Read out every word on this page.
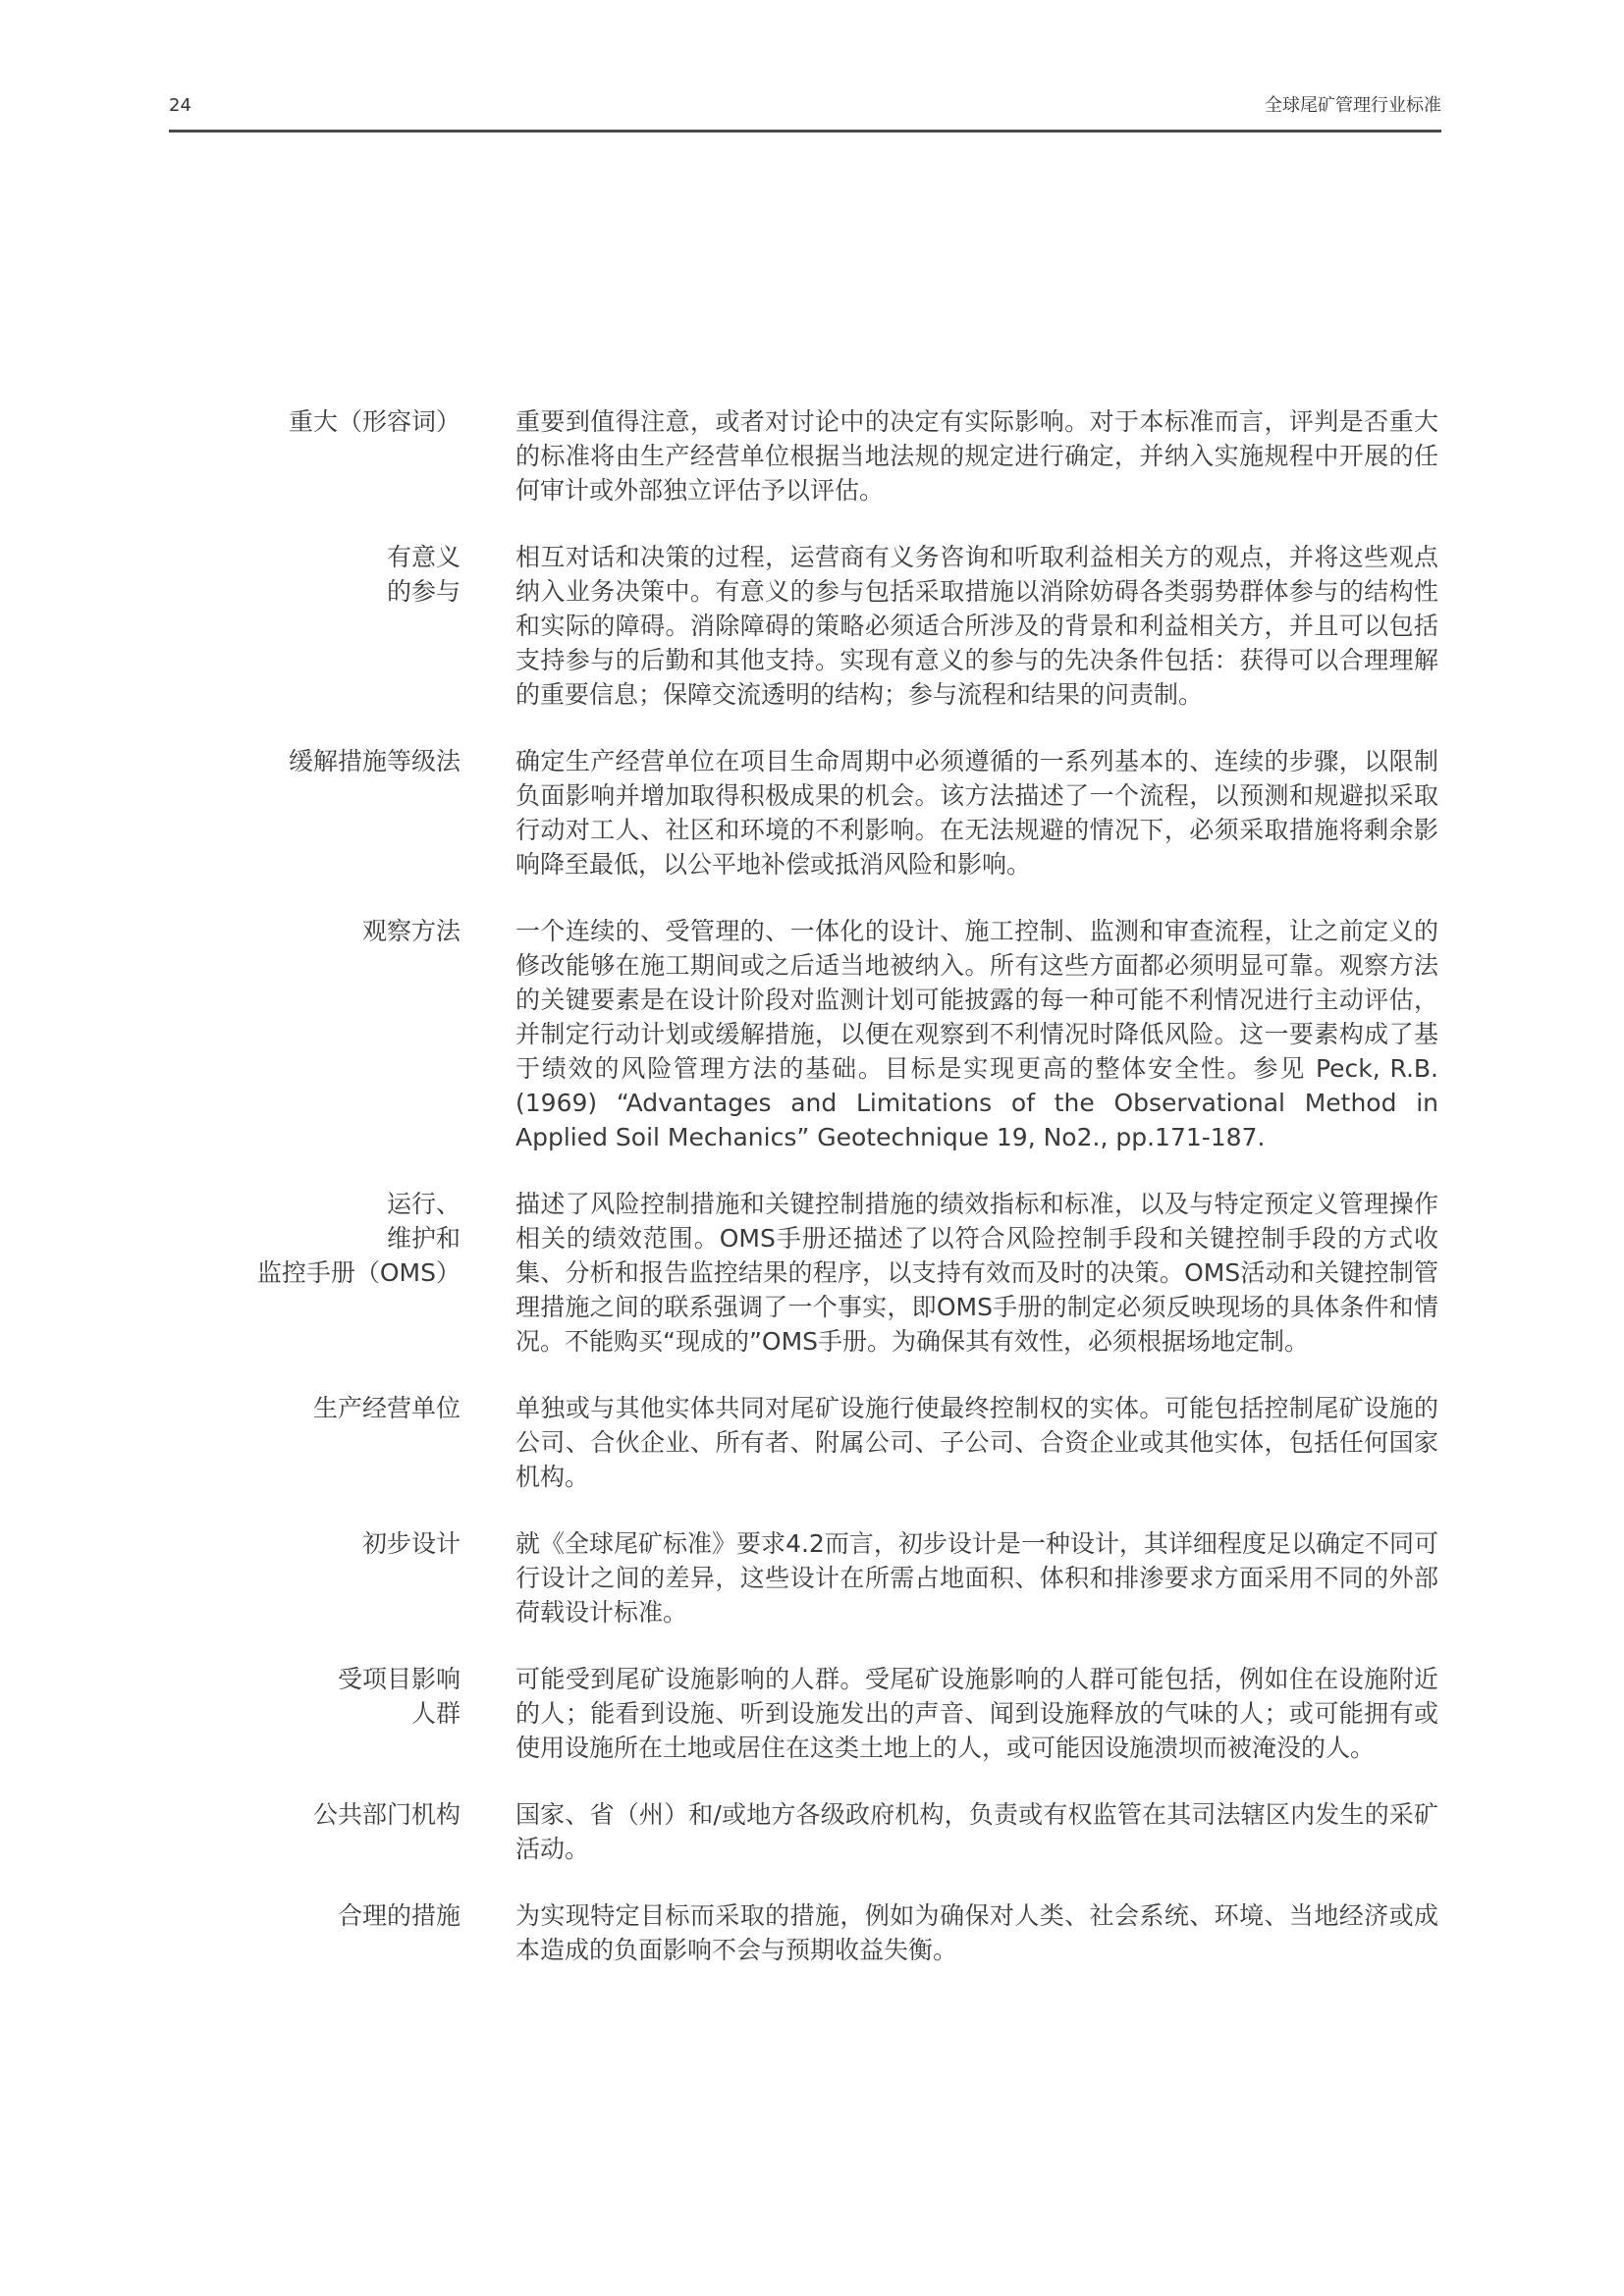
24	全球尾矿管理行业标准
重大（形容词） 重要到值得注意，或者对讨论中的决定有实际影响。对于本标准而言，评判是否重大的标准将由生产经营单位根据当地法规的规定进行确定，并纳入实施规程中开展的任何审计或外部独立评估予以评估。
有意义
的参与
相互对话和决策的过程，运营商有义务咨询和听取利益相关方的观点，并将这些观点纳入业务决策中。有意义的参与包括采取措施以消除妨碍各类弱势群体参与的结构性和实际的障碍。消除障碍的策略必须适合所涉及的背景和利益相关方，并且可以包括支持参与的后勤和其他支持。实现有意义的参与的先决条件包括：获得可以合理理解的重要信息；保障交流透明的结构；参与流程和结果的问责制。
缓解措施等级法 确定生产经营单位在项目生命周期中必须遵循的一系列基本的、连续的步骤，以限制负面影响并增加取得积极成果的机会。该方法描述了一个流程，以预测和规避拟采取行动对工人、社区和环境的不利影响。在无法规避的情况下，必须采取措施将剩余影响降至最低，以公平地补偿或抵消风险和影响。
观察方法 一个连续的、受管理的、一体化的设计、施工控制、监测和审查流程，让之前定义的修改能够在施工期间或之后适当地被纳入。所有这些方面都必须明显可靠。观察方法的关键要素是在设计阶段对监测计划可能披露的每一种可能不利情况进行主动评估，并制定行动计划或缓解措施，以便在观察到不利情况时降低风险。这一要素构成了基于绩效的风险管理方法的基础。目标是实现更高的整体安全性。参见 Peck, R.B. (1969) “Advantages and Limitations of the Observational Method in Applied Soil Mechanics” Geotechnique 19, No2., pp.171-187.
运行、
维护和
监控手册（OMS）
描述了风险控制措施和关键控制措施的绩效指标和标准，以及与特定预定义管理操作相关的绩效范围。OMS手册还描述了以符合风险控制手段和关键控制手段的方式收集、分析和报告监控结果的程序，以支持有效而及时的决策。OMS活动和关键控制管理措施之间的联系强调了一个事实，即OMS手册的制定必须反映现场的具体条件和情况。不能购买“现成的”OMS手册。为确保其有效性，必须根据场地定制。
生产经营单位 单独或与其他实体共同对尾矿设施行使最终控制权的实体。可能包括控制尾矿设施的公司、合伙企业、所有者、附属公司、子公司、合资企业或其他实体，包括任何国家机构。
初步设计 就《全球尾矿标准》要求4.2而言，初步设计是一种设计，其详细程度足以确定不同可行设计之间的差异，这些设计在所需占地面积、体积和排渗要求方面采用不同的外部荷载设计标准。
受项目影响
人群
可能受到尾矿设施影响的人群。受尾矿设施影响的人群可能包括，例如住在设施附近的人；能看到设施、听到设施发出的声音、闻到设施释放的气味的人；或可能拥有或使用设施所在土地或居住在这类土地上的人，或可能因设施溃坝而被淹没的人。
公共部门机构 国家、省（州）和/或地方各级政府机构，负责或有权监管在其司法辖区内发生的采矿活动。
合理的措施 为实现特定目标而采取的措施，例如为确保对人类、社会系统、环境、当地经济或成本造成的负面影响不会与预期收益失衡。
